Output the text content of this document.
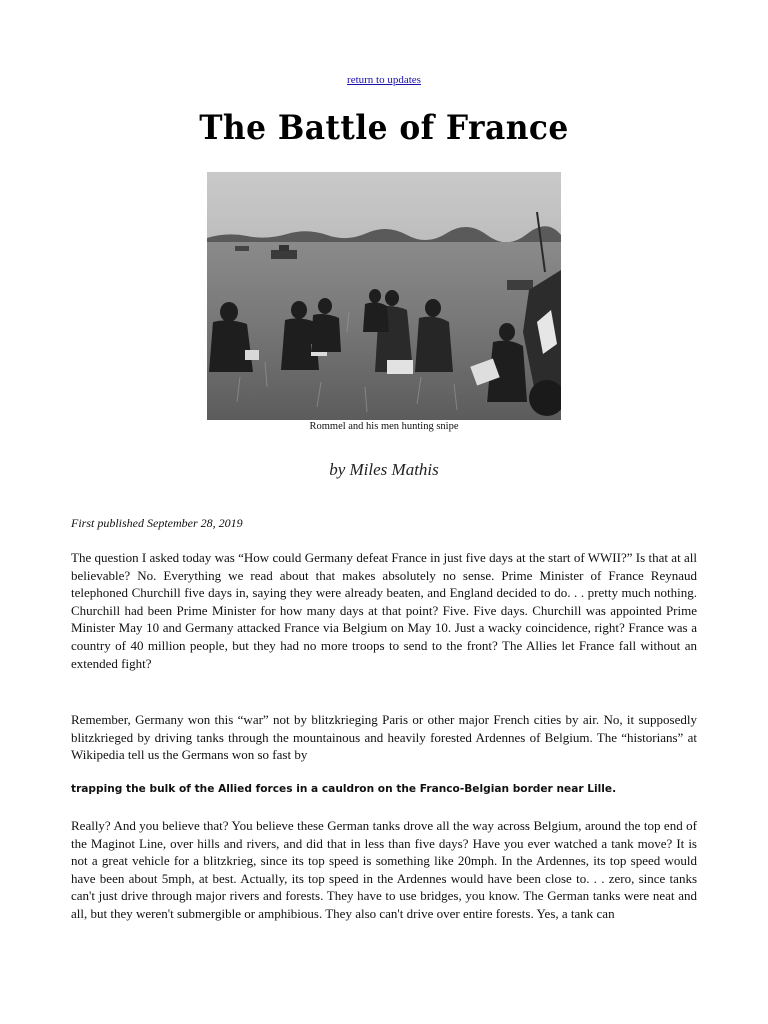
return to updates
The Battle of France
Rommel and his men hunting snipe
by Miles Mathis
First published September 28, 2019
The question I asked today was “How could Germany defeat France in just five days at the start of WWII?” Is that at all believable? No. Everything we read about that makes absolutely no sense. Prime Minister of France Reynaud telephoned Churchill five days in, saying they were already beaten, and England decided to do. . . pretty much nothing. Churchill had been Prime Minister for how many days at that point? Five. Five days. Churchill was appointed Prime Minister May 10 and Germany attacked France via Belgium on May 10. Just a wacky coincidence, right? France was a country of 40 million people, but they had no more troops to send to the front? The Allies let France fall without an extended fight?
Remember, Germany won this “war” not by blitzkrieging Paris or other major French cities by air. No, it supposedly blitzkrieged by driving tanks through the mountainous and heavily forested Ardennes of Belgium. The “historians” at Wikipedia tell us the Germans won so fast by
trapping the bulk of the Allied forces in a cauldron on the Franco-Belgian border near Lille.
Really? And you believe that? You believe these German tanks drove all the way across Belgium, around the top end of the Maginot Line, over hills and rivers, and did that in less than five days? Have you ever watched a tank move? It is not a great vehicle for a blitzkrieg, since its top speed is something like 20mph. In the Ardennes, its top speed would have been about 5mph, at best. Actually, its top speed in the Ardennes would have been close to. . . zero, since tanks can't just drive through major rivers and forests. They have to use bridges, you know. The German tanks were neat and all, but they weren't submergible or amphibious. They also can't drive over entire forests. Yes, a tank can
